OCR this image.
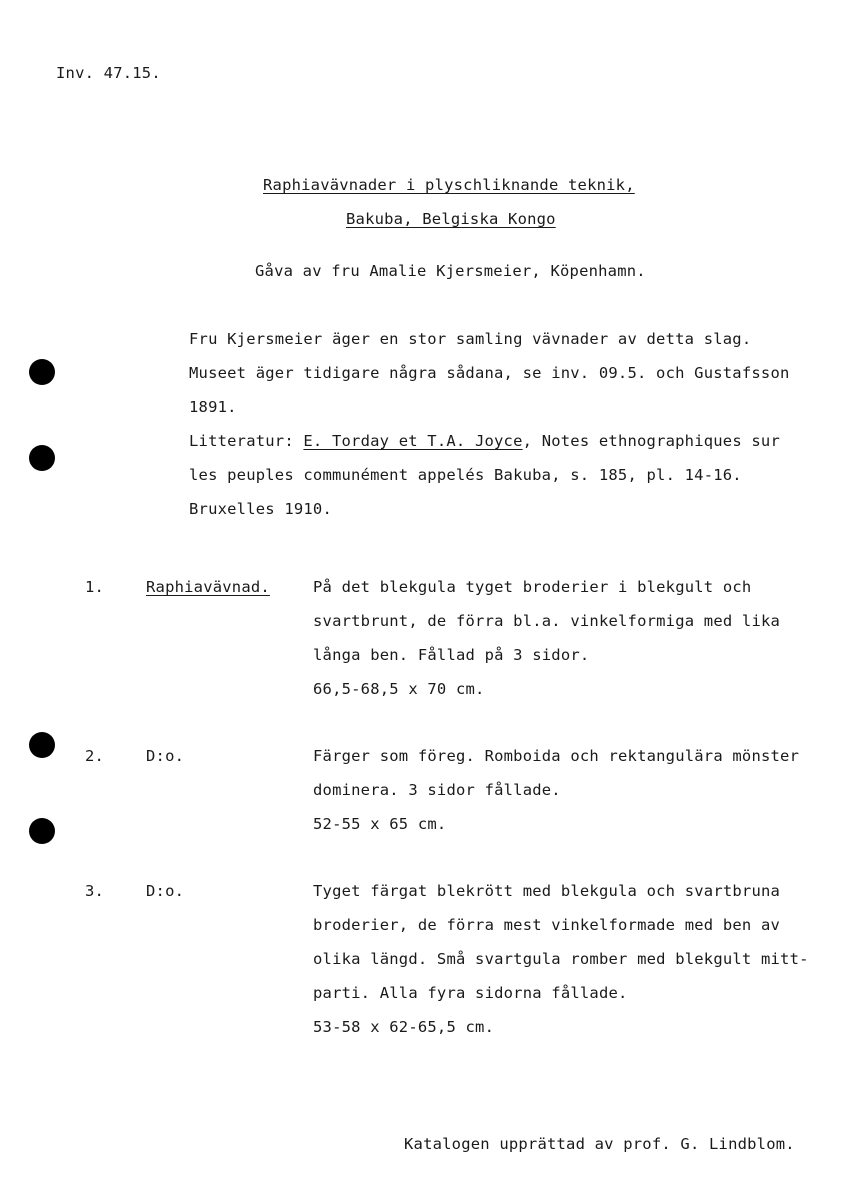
Inv. 47.15.
Raphiavävnader i plyschliknande teknik,
Bakuba, Belgiska Kongo
Gåva av fru Amalie Kjersmeier, Köpenhamn.
Fru Kjersmeier äger en stor samling vävnader av detta slag.
Museet äger tidigare några sådana, se inv. 09.5. och Gustafsson
1891.
Litteratur: E. Torday et T.A. Joyce, Notes ethnographiques sur
les peuples communément appelés Bakuba, s. 185, pl. 14-16.
Bruxelles 1910.
1.	Raphiavävnad.	På det blekgula tyget broderier i blekgult och
svartbrunt, de förra bl.a. vinkelformiga med lika
långa ben. Fållad på 3 sidor.
66,5-68,5 x 70 cm.
2.	D:o.	Färger som föreg. Romboida och rektangulära mönster
dominera. 3 sidor fållade.
52-55 x 65 cm.
3.	D:o.	Tyget färgat blekrött med blekgula och svartbruna
broderier, de förra mest vinkelformade med ben av
olika längd. Små svartgula romber med blekgult mitt-
parti. Alla fyra sidorna fållade.
53-58 x 62-65,5 cm.
Katalogen upprättad av prof. G. Lindblom.
